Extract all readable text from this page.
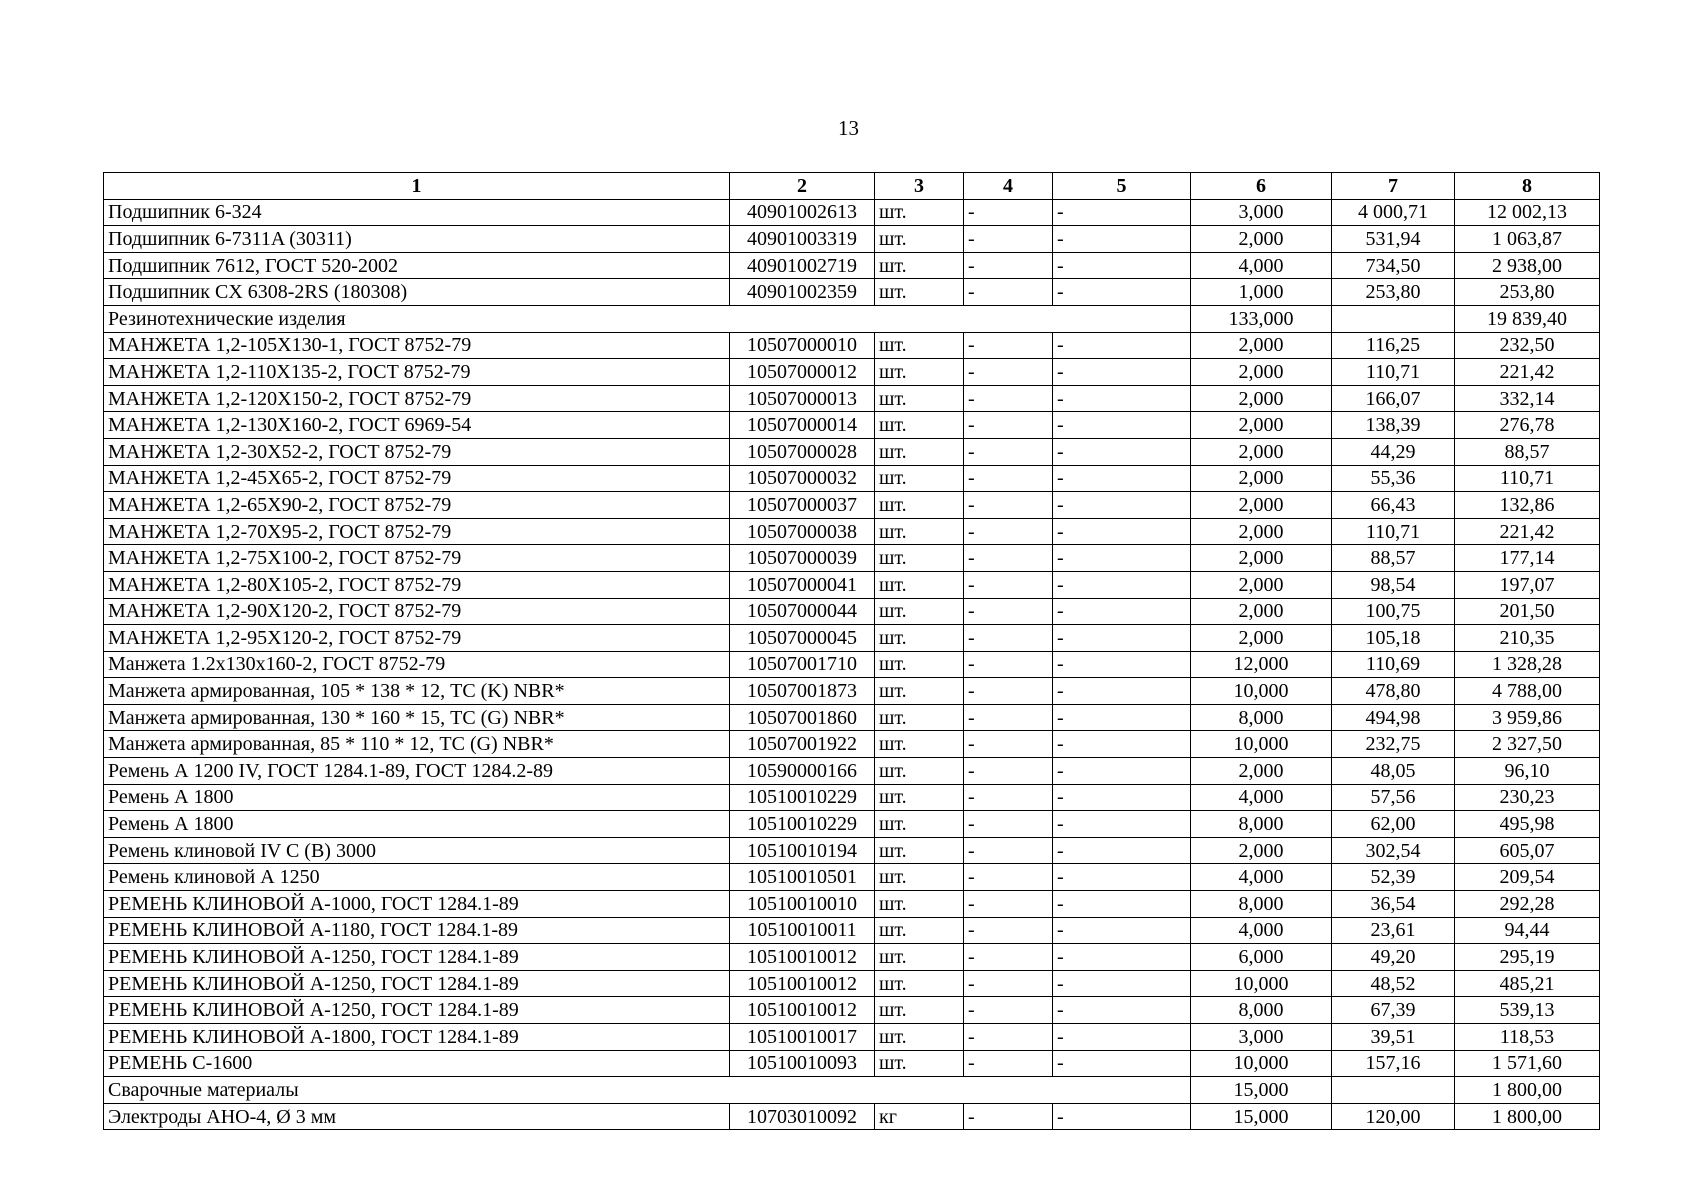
13
1	2	3	4	5	6	7	8
Подшипник 6-324	40901002613	шт.	-	-	3,000	4 000,71	12 002,13
Подшипник 6-7311A (30311)	40901003319	шт.	-	-	2,000	531,94	1 063,87
Подшипник 7612, ГОСТ 520-2002	40901002719	шт.	-	-	4,000	734,50	2 938,00
Подшипник CX 6308-2RS (180308)	40901002359	шт.	-	-	1,000	253,80	253,80
Резинотехнические изделия					133,000		19 839,40
МАНЖЕТА 1,2-105Х130-1, ГОСТ 8752-79	10507000010	шт.	-	-	2,000	116,25	232,50
МАНЖЕТА 1,2-110Х135-2, ГОСТ 8752-79	10507000012	шт.	-	-	2,000	110,71	221,42
МАНЖЕТА 1,2-120Х150-2, ГОСТ 8752-79	10507000013	шт.	-	-	2,000	166,07	332,14
МАНЖЕТА 1,2-130Х160-2, ГОСТ 6969-54	10507000014	шт.	-	-	2,000	138,39	276,78
МАНЖЕТА 1,2-30Х52-2, ГОСТ 8752-79	10507000028	шт.	-	-	2,000	44,29	88,57
МАНЖЕТА 1,2-45Х65-2, ГОСТ 8752-79	10507000032	шт.	-	-	2,000	55,36	110,71
МАНЖЕТА 1,2-65Х90-2, ГОСТ 8752-79	10507000037	шт.	-	-	2,000	66,43	132,86
МАНЖЕТА 1,2-70Х95-2, ГОСТ 8752-79	10507000038	шт.	-	-	2,000	110,71	221,42
МАНЖЕТА 1,2-75Х100-2, ГОСТ 8752-79	10507000039	шт.	-	-	2,000	88,57	177,14
МАНЖЕТА 1,2-80Х105-2, ГОСТ 8752-79	10507000041	шт.	-	-	2,000	98,54	197,07
МАНЖЕТА 1,2-90Х120-2, ГОСТ 8752-79	10507000044	шт.	-	-	2,000	100,75	201,50
МАНЖЕТА 1,2-95Х120-2, ГОСТ 8752-79	10507000045	шт.	-	-	2,000	105,18	210,35
Манжета 1.2х130х160-2, ГОСТ 8752-79	10507001710	шт.	-	-	12,000	110,69	1 328,28
Манжета армированная, 105 * 138 * 12, TC (K) NBR*	10507001873	шт.	-	-	10,000	478,80	4 788,00
Манжета армированная, 130 * 160 * 15, TC (G) NBR*	10507001860	шт.	-	-	8,000	494,98	3 959,86
Манжета армированная, 85 * 110 * 12, TC (G) NBR*	10507001922	шт.	-	-	10,000	232,75	2 327,50
Ремень А 1200 IV, ГОСТ 1284.1-89, ГОСТ 1284.2-89	10590000166	шт.	-	-	2,000	48,05	96,10
Ремень А 1800	10510010229	шт.	-	-	4,000	57,56	230,23
Ремень А 1800	10510010229	шт.	-	-	8,000	62,00	495,98
Ремень клиновой IV С (В) 3000	10510010194	шт.	-	-	2,000	302,54	605,07
Ремень клиновой А 1250	10510010501	шт.	-	-	4,000	52,39	209,54
РЕМЕНЬ КЛИНОВОЙ А-1000, ГОСТ 1284.1-89	10510010010	шт.	-	-	8,000	36,54	292,28
РЕМЕНЬ КЛИНОВОЙ А-1180, ГОСТ 1284.1-89	10510010011	шт.	-	-	4,000	23,61	94,44
РЕМЕНЬ КЛИНОВОЙ А-1250, ГОСТ 1284.1-89	10510010012	шт.	-	-	6,000	49,20	295,19
РЕМЕНЬ КЛИНОВОЙ А-1250, ГОСТ 1284.1-89	10510010012	шт.	-	-	10,000	48,52	485,21
РЕМЕНЬ КЛИНОВОЙ А-1250, ГОСТ 1284.1-89	10510010012	шт.	-	-	8,000	67,39	539,13
РЕМЕНЬ КЛИНОВОЙ А-1800, ГОСТ 1284.1-89	10510010017	шт.	-	-	3,000	39,51	118,53
РЕМЕНЬ С-1600	10510010093	шт.	-	-	10,000	157,16	1 571,60
Сварочные материалы					15,000		1 800,00
Электроды АНО-4, Ø 3 мм	10703010092	кг	-	-	15,000	120,00	1 800,00
